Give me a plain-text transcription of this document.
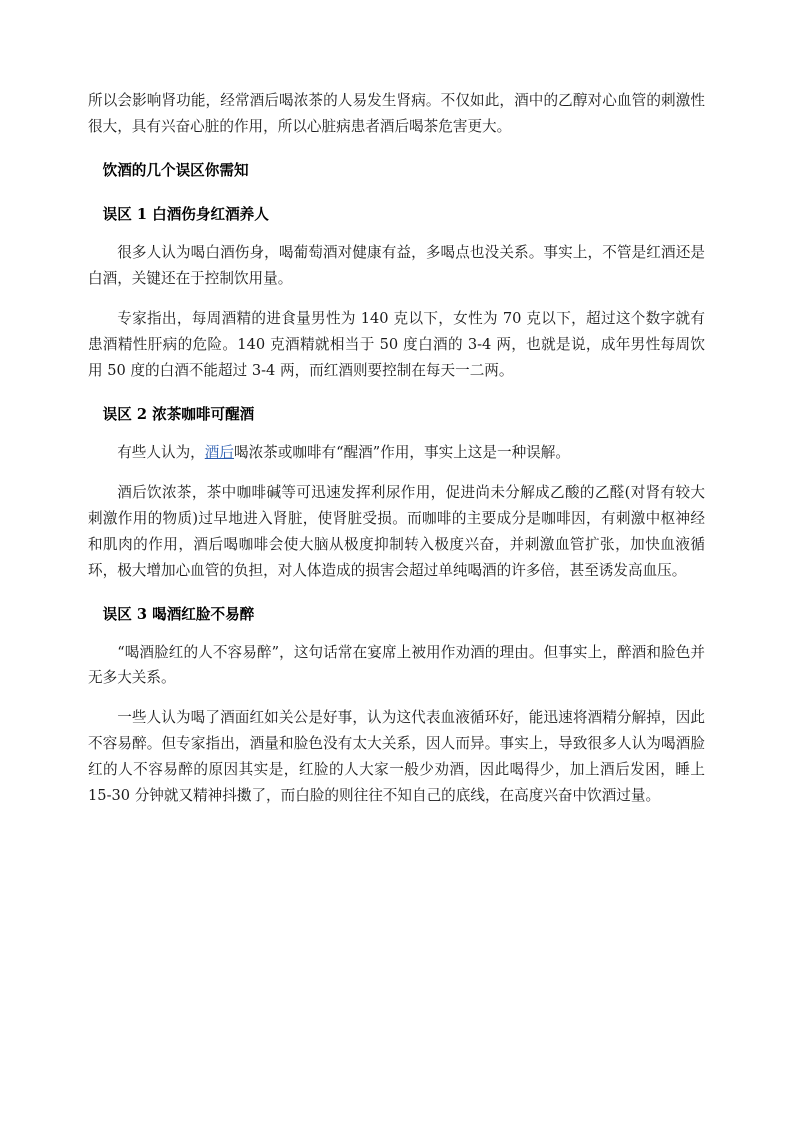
所以会影响肾功能，经常酒后喝浓茶的人易发生肾病。不仅如此，酒中的乙醇对心血管的刺激性很大，具有兴奋心脏的作用，所以心脏病患者酒后喝茶危害更大。

饮酒的几个误区你需知
误区 1 白酒伤身红酒养人

很多人认为喝白酒伤身，喝葡萄酒对健康有益，多喝点也没关系。事实上，不管是红酒还是白酒，关键还在于控制饮用量。

专家指出，每周酒精的进食量男性为 140 克以下，女性为 70 克以下，超过这个数字就有患酒精性肝病的危险。140 克酒精就相当于 50 度白酒的 3-4 两，也就是说，成年男性每周饮用 50 度的白酒不能超过 3-4 两，而红酒则要控制在每天一二两。

误区 2 浓茶咖啡可醒酒

有些人认为，酒后喝浓茶或咖啡有“醒酒”作用，事实上这是一种误解。

酒后饮浓茶，茶中咖啡碱等可迅速发挥利尿作用，促进尚未分解成乙酸的乙醛(对肾有较大刺激作用的物质)过早地进入肾脏，使肾脏受损。而咖啡的主要成分是咖啡因，有刺激中枢神经和肌肉的作用，酒后喝咖啡会使大脑从极度抑制转入极度兴奋，并刺激血管扩张，加快血液循环，极大增加心血管的负担，对人体造成的损害会超过单纯喝酒的许多倍，甚至诱发高血压。

误区 3 喝酒红脸不易醉

“喝酒脸红的人不容易醉”，这句话常在宴席上被用作劝酒的理由。但事实上，醉酒和脸色并无多大关系。

一些人认为喝了酒面红如关公是好事，认为这代表血液循环好，能迅速将酒精分解掉，因此不容易醉。但专家指出，酒量和脸色没有太大关系，因人而异。事实上，导致很多人认为喝酒脸红的人不容易醉的原因其实是，红脸的人大家一般少劝酒，因此喝得少，加上酒后发困，睡上 15-30 分钟就又精神抖擞了，而白脸的则往往不知自己的底线，在高度兴奋中饮酒过量。
